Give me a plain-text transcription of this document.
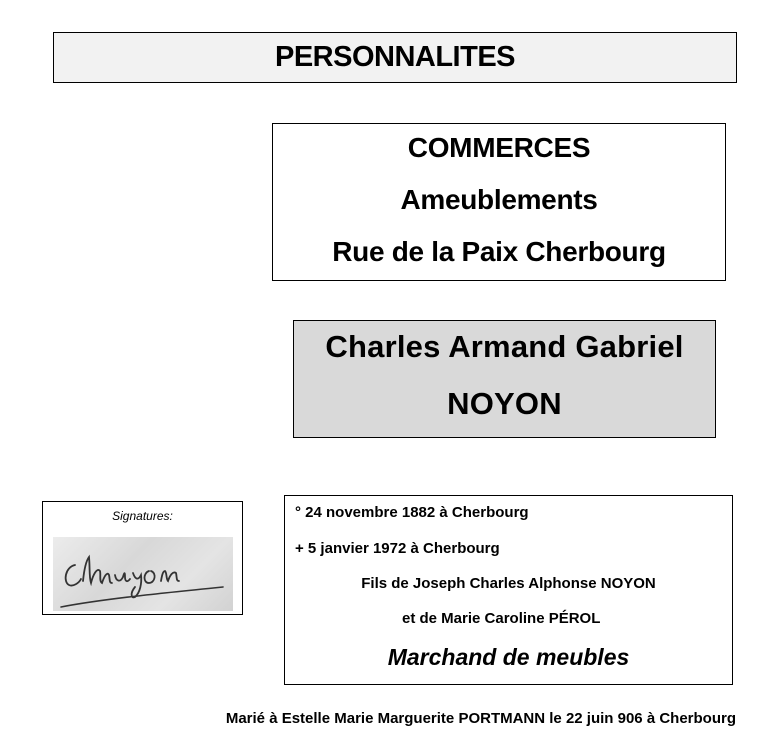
PERSONNALITES
COMMERCES
Ameublements
Rue de la Paix Cherbourg
Charles Armand Gabriel
NOYON
Signatures:	° 24 novembre 1882 à Cherbourg
+ 5 janvier 1972 à Cherbourg
Fils de Joseph Charles Alphonse NOYON
et de Marie Caroline PÉROL
Marchand de meubles
Marié à Estelle Marie Marguerite PORTMANN le 22 juin 906 à Cherbourg
